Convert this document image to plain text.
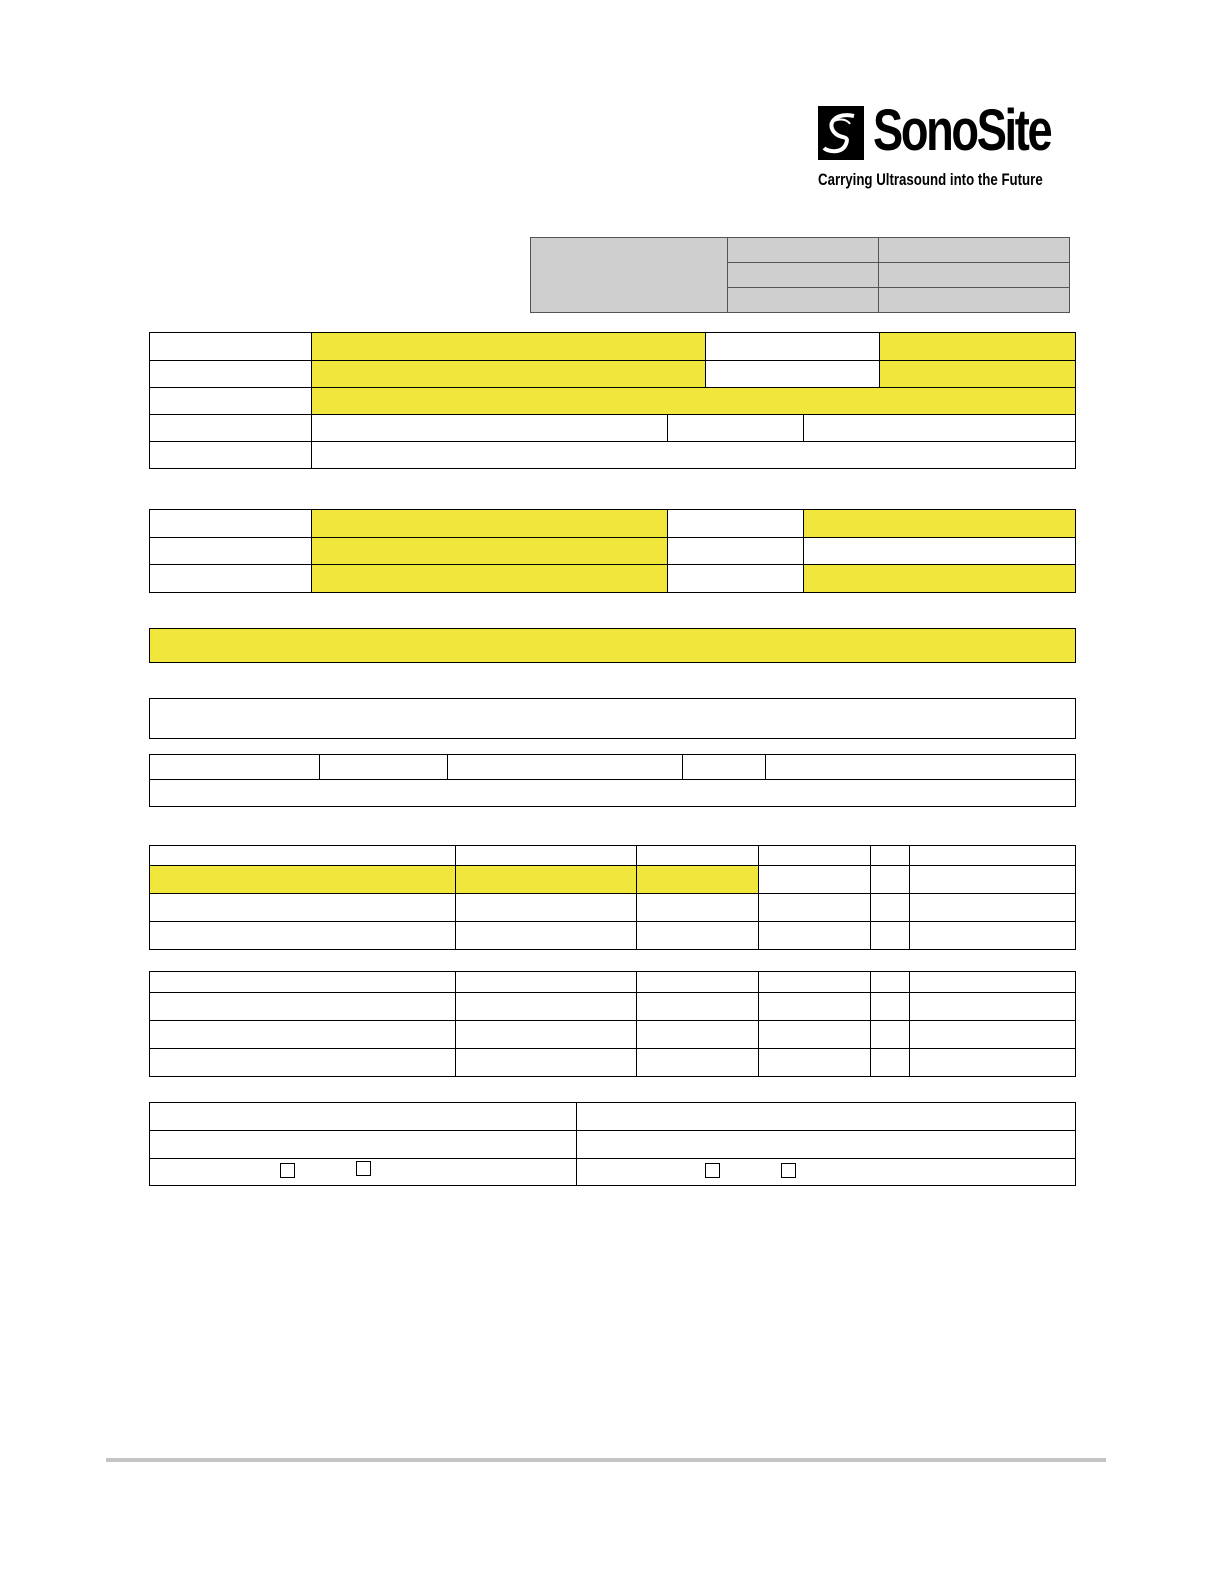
SonoSite
Carrying Ultrasound into the Future
